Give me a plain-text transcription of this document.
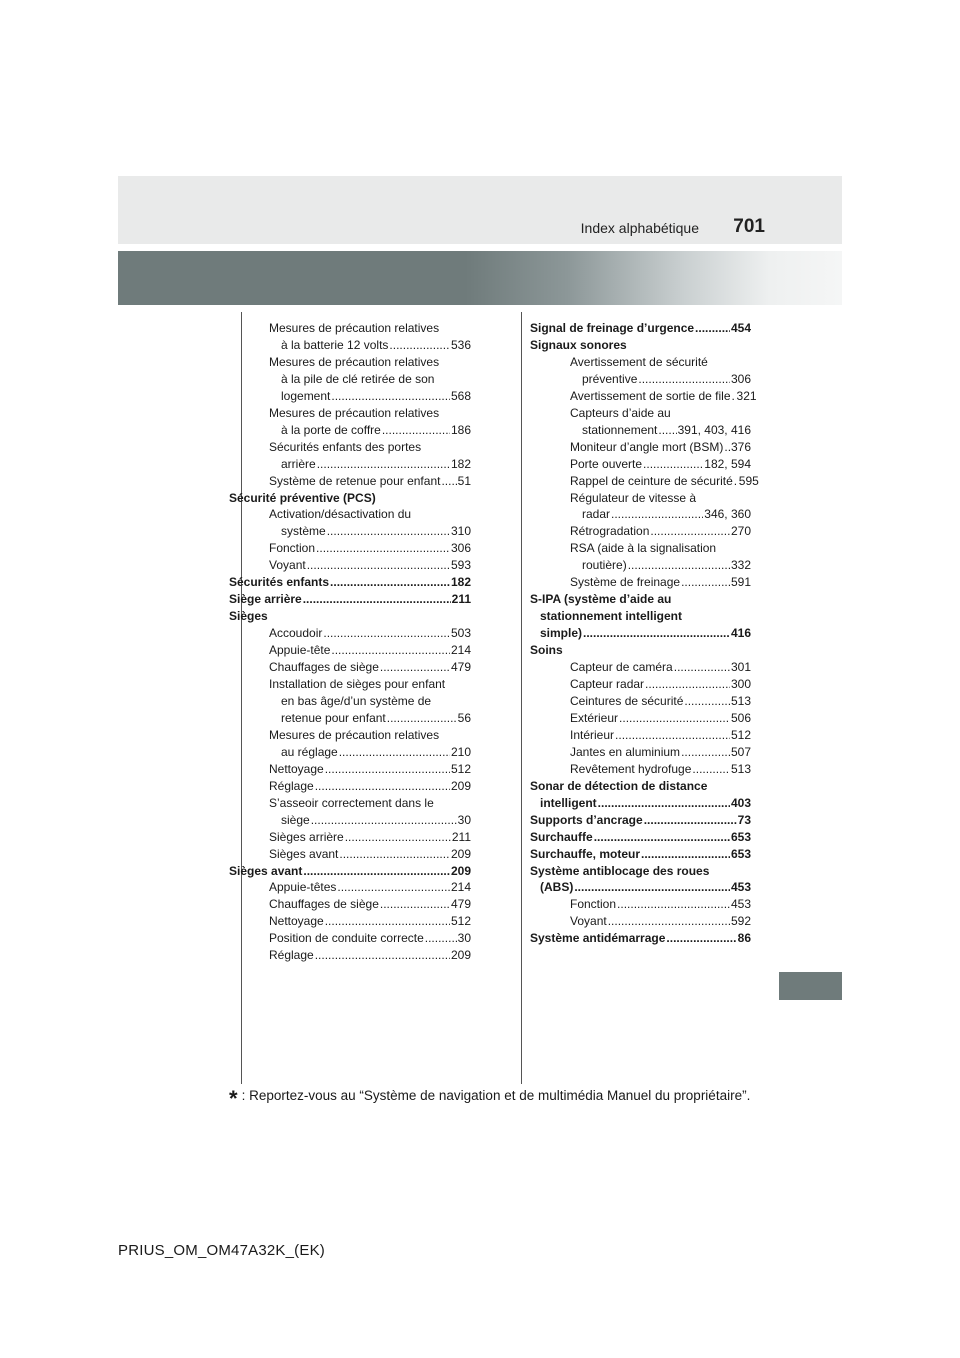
Index alphabétique	701
Mesures de précaution relatives
à la batterie 12 volts .....	536
Mesures de précaution relatives
à la pile de clé retirée de son
logement .....	568
Mesures de précaution relatives
à la porte de coffre .....	186
Sécurités enfants des portes
arrière .....	182
Système de retenue pour enfant ..... 51
Sécurité préventive (PCS)
Activation/désactivation du
système .....	310
Fonction .....	306
Voyant .....	593
Sécurités enfants .....	182
Siège arrière .....	211
Sièges
Accoudoir .....	503
Appuie-tête .....	214
Chauffages de siège .....	479
Installation de sièges pour enfant
en bas âge/d’un système de
retenue pour enfant .....	56
Mesures de précaution relatives
au réglage .....	210
Nettoyage .....	512
Réglage .....	209
S’asseoir correctement dans le
siège .....	30
Sièges arrière .....	211
Sièges avant .....	209
Sièges avant .....	209
Appuie-têtes .....	214
Chauffages de siège .....	479
Nettoyage .....	512
Position de conduite correcte .....	30
Réglage .....	209
Signal de freinage d’urgence .....	454
Signaux sonores
Avertissement de sécurité
préventive .....	306
Avertissement de sortie de file ..... 321
Capteurs d’aide au
stationnement ..... 391, 403, 416
Moniteur d’angle mort (BSM) ..... 376
Porte ouverte .....	182, 594
Rappel de ceinture de sécurité ..... 595
Régulateur de vitesse à
radar .....	346, 360
Rétrogradation .....	270
RSA (aide à la signalisation
routière) .....	332
Système de freinage .....	591
S-IPA (système d’aide au
stationnement intelligent
simple) .....	416
Soins
Capteur de caméra .....	301
Capteur radar .....	300
Ceintures de sécurité .....	513
Extérieur .....	506
Intérieur .....	512
Jantes en aluminium .....	507
Revêtement hydrofuge .....	513
Sonar de détection de distance
intelligent .....	403
Supports d’ancrage .....	73
Surchauffe .....	653
Surchauffe, moteur .....	653
Système antiblocage des roues
(ABS) .....	453
Fonction .....	453
Voyant .....	592
Système antidémarrage .....	86
* : Reportez-vous au “Système de navigation et de multimédia Manuel du propriétaire”.
PRIUS_OM_OM47A32K_(EK)
